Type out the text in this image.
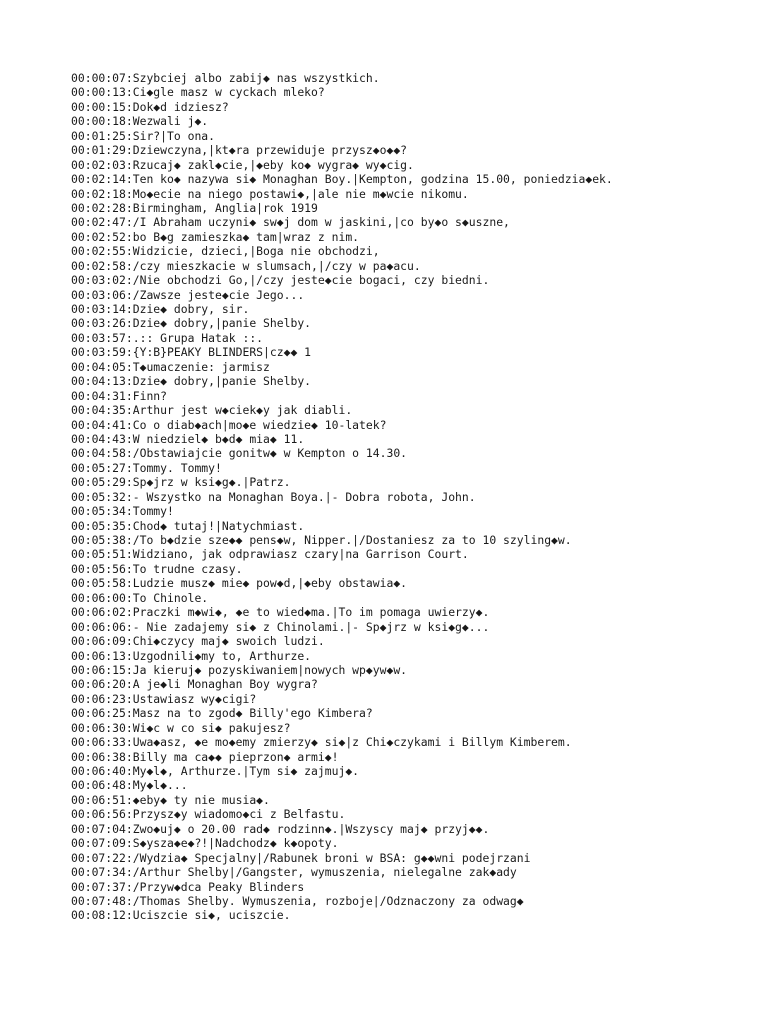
00:00:07 : Szybciej albo zabij◆ nas wszystkich.
00:00:13 : Ci◆gle masz w cyckach mleko?
00:00:15 : Dok◆d idziesz?
00:00:18 : Wezwali j◆.
00:01:25 : Sir?|To ona.
00:01:29 : Dziewczyna,|kt◆ra przewiduje przysz◆o◆◆?
00:02:03 : Rzucaj◆ zakl◆cie,|◆eby ko◆ wygra◆ wy◆cig.
00:02:14 : Ten ko◆ nazywa si◆ Monaghan Boy.|Kempton, godzina 15.00, poniedzia◆ek.
00:02:18 : Mo◆ecie na niego postawi◆,|ale nie m◆wcie nikomu.
00:02:28 : Birmingham, Anglia|rok 1919
00:02:47 : /I Abraham uczyni◆ sw◆j dom w jaskini,|co by◆o s◆uszne,
00:02:52 : bo B◆g zamieszka◆ tam|wraz z nim.
00:02:55 : Widzicie, dzieci,|Boga nie obchodzi,
00:02:58 : /czy mieszkacie w slumsach,|/czy w pa◆acu.
00:03:02 : /Nie obchodzi Go,|/czy jeste◆cie bogaci, czy biedni.
00:03:06 : /Zawsze jeste◆cie Jego...
00:03:14 : Dzie◆ dobry, sir.
00:03:26 : Dzie◆ dobry,|panie Shelby.
00:03:57 : .:: Grupa Hatak ::.
00:03:59 : {Y:B}PEAKY BLINDERS|cz◆◆ 1
00:04:05 : T◆umaczenie: jarmisz
00:04:13 : Dzie◆ dobry,|panie Shelby.
00:04:31 : Finn?
00:04:35 : Arthur jest w◆ciek◆y jak diabli.
00:04:41 : Co o diab◆ach|mo◆e wiedzie◆ 10-latek?
00:04:43 : W niedziel◆ b◆d◆ mia◆ 11.
00:04:58 : /Obstawiajcie gonitw◆ w Kempton o 14.30.
00:05:27 : Tommy. Tommy!
00:05:29 : Sp◆jrz w ksi◆g◆.|Patrz.
00:05:32 : - Wszystko na Monaghan Boya.|- Dobra robota, John.
00:05:34 : Tommy!
00:05:35 : Chod◆ tutaj!|Natychmiast.
00:05:38 : /To b◆dzie sze◆◆ pens◆w, Nipper.|/Dostaniesz za to 10 szyling◆w.
00:05:51 : Widziano, jak odprawiasz czary|na Garrison Court.
00:05:56 : To trudne czasy.
00:05:58 : Ludzie musz◆ mie◆ pow◆d,|◆eby obstawia◆.
00:06:00 : To Chinole.
00:06:02 : Praczki m◆wi◆, ◆e to wied◆ma.|To im pomaga uwierzy◆.
00:06:06 : - Nie zadajemy si◆ z Chinolami.|- Sp◆jrz w ksi◆g◆...
00:06:09 : Chi◆czycy maj◆ swoich ludzi.
00:06:13 : Uzgodnili◆my to, Arthurze.
00:06:15 : Ja kieruj◆ pozyskiwaniem|nowych wp◆yw◆w.
00:06:20 : A je◆li Monaghan Boy wygra?
00:06:23 : Ustawiasz wy◆cigi?
00:06:25 : Masz na to zgod◆ Billy'ego Kimbera?
00:06:30 : Wi◆c w co si◆ pakujesz?
00:06:33 : Uwa◆asz, ◆e mo◆emy zmierzy◆ si◆|z Chi◆czykami i Billym Kimberem.
00:06:38 : Billy ma ca◆◆ pieprzon◆ armi◆!
00:06:40 : My◆l◆, Arthurze.|Tym si◆ zajmuj◆.
00:06:48 : My◆l◆...
00:06:51 : ◆eby◆ ty nie musia◆.
00:06:56 : Przysz◆y wiadomo◆ci z Belfastu.
00:07:04 : Zwo◆uj◆ o 20.00 rad◆ rodzinn◆.|Wszyscy maj◆ przyj◆◆.
00:07:09 : S◆ysza◆e◆?!|Nadchodz◆ k◆opoty.
00:07:22 : /Wydzia◆ Specjalny|/Rabunek broni w BSA: g◆◆wni podejrzani
00:07:34 : /Arthur Shelby|/Gangster, wymuszenia, nielegalne zak◆ady
00:07:37 : /Przyw◆dca Peaky Blinders
00:07:48 : /Thomas Shelby. Wymuszenia, rozboje|/Odznaczony za odwag◆
00:08:12 : Uciszcie si◆, uciszcie.
